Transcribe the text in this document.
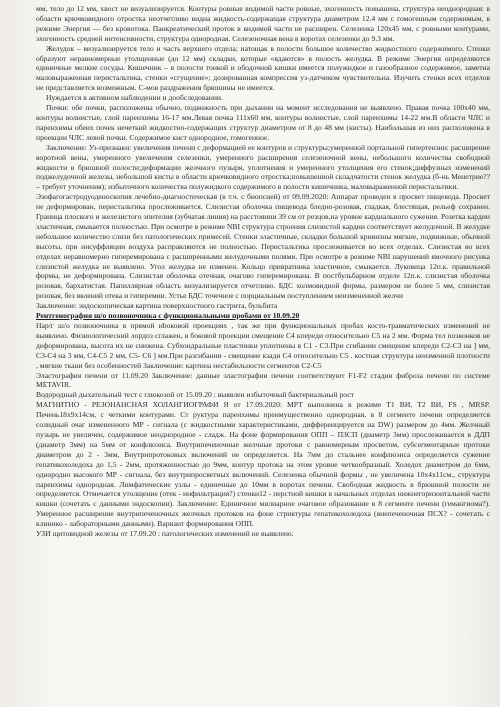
мм, тело до 12 мм, хвост не визуализируется. Контуры ровные видимой части ровные, эхогенность повышена, структура неоднородная: в области крючковидного отростка неотчетливо видна жидкость-содержащая структура диаметром 12.4 мм с гомогенным содержимым, в режиме Энергия — без кровотока. Панкреатический проток в видимой части не расширен. Селезенка 120х45 мм, с ровными контурами, эхогенность средней интенсивности, структура однородная. Селезеночная вена в воротах селезенки до 9.3 мм.

Желудок – визуализируется тело и часть верхнего отдела; натощак в полости большое количество жидкостного содержимого. Стенки образуют неравномерные утолщенные (до 12 мм) складки, которые «вдаются» в полость желудка. В режиме Энергия определяются единичные мелкие сосуды. Кишечник – в полости тонкой и ободочной кишки имеется полужидкое и газообразное содержимое, заметна маловыраженная перистальтика, стенки «сгущение»; дозированная компрессия уз-датчиком чувствительна. Изучить стенки всех отделов не представляется возможным. С-мов раздражения брюшины не имеется.

Нуждается в активном наблюдении и дообследовании.

Почки: обе почки, расположены обычно, подвижность при дыхании на момент исследования не выявлено. Правая почка 100х40 мм, контуры волнистые, слой паренхимы 16-17 мм.Левая почка 111х60 мм, контуры волнистые, слой паренхимы 14-22 мм.В области ЧЛС и паренхимы обеих почек нечеткий жидкостно-содержащих структур диаметром от 8 до 48 мм (кисты). Наибольшая из них расположена в проекции ЧЛС левой почки. Содержимое кист однородное, гомогенное.

Заключение: Уз-признаки: увеличения печени с деформацией ее контуров и структуры;умеренной портальной гипертензии: расширение воротной вены, умеренного увеличения селезенки, умеренного расширения селезеночной вены, небольшого количества свободной жидкости в брюшной полости;деформации желчного пузыря, уплотнения и умеренного утолщения его стенок;диффузных изменений поджелудочной железы, небольшой кисты в области крючковидного отростка;повышенной складчатости стенок желудка (б-нь Менетрие?? – требует уточнения); избыточного количества полужидкого содержимого в полости кишечника, маловыраженной перистальтики.

Эзофагогастродуоденоскопия лечебно-диагностическая (в т.ч. с биопсией) от 09.09.2020: Аппарат проведен в просвет пищевода. Просвет не деформирован, перистальтика прослеживается. Слизистая оболочка пищевода бледно-розовая, гладкая, блестящая, рельеф сохранен. Граница плоского и железистого эпителия (зубчатая линия) на расстоянии 39 см от резцов,на уровне кардиального сужения. Розетка кардии эластичная, смыкается полностью. При осмотре в режиме NBI структура строения слизистой кардии соответствует желудочной. В желудке небольшое количество слизи без патологических примесей. Стенки эластичные, складки большой кривизны мягкие, подвижные, обычной высоты, при инсуффляции воздуха расправляются не полностью. Перистальтика прослеживается во всех отделах. Слизистая во всех отделах неравномерно гиперемирована с расширенными желудочными полями. При осмотре в режиме NBI нарушений ямочного рисунка слизистой желудка не выявлено. Угол желудка не изменен. Кольцо привратника эластичное, смыкается. Луковица 12п.к. правильной формы, не деформирована. Слизистая оболочка отечная, очагово гиперемирована. В постбульбарном отделе 12п.к. слизистая оболочка розовая, бархатистая. Папиллярная область визуализируется отчетливо. БДС холмовидной формы, размером не более 5 мм, слизистая розовая, без явлений отека и гиперемии. Устье БДС точечное с порциальным поступлением неизмененной желчи

Заключение: эндоскопическая картина поверхностного гастрита, бульбита

Рентгенография ш/о позвоночника с функциональными пробами от 10.09.20

Нар/г ш/о позвоночника в прямой иboковой проекциях , так же при функциональных пробах косто-травматических изменений не выявлено. Физиологический лордоз сглажен, в боковой проекции смещение С4 кпереди относительно С5 на 2 мм. Форма тел позвонков не деформирована, высота их не снижена. Субхондральные пластинки уплотнены в С1 - С3.При сгибании смещение кпереди С2-С3 на ] мм, С3-С4 на 3 мм, С4-С5 2 мм, С5- С6 ] мм.При разгибании - смещение кзади С4 относительно С5 . костная структура неизменной плотности , мягкие ткани без особенностей Заключение: картина нестабильности сегментов С2-С5

Эластография печени от 11.09.20 Заключение: данные эластографии печени соответствуют F1-F2 стадии фиброза печени по системе METAVIR.

Водородный дыхательный тест с глюкозой от 15.09.20 : выявлен избыточный бактериальный рост

МАГНИТНО - РЕЗОНАНСНАЯ ХОЛАНГИОГРАФИ Я от 17.09.2020: МРТ выполнена в режиме T1 ВИ, T2 ВИ, FS , MRSP. Печень18х9х14см, с четкими контурами. Ст руктура паренхимы преимущественно однородная, в 8 сегменте печени определяется солидный очаг измененного МР - сигнала (с жидкостными характеристиками, дифференцируется на DW) размером до 4мм. Желчный пузырь не увеличен, содержимое неоднородное - сладж. На фоне формирования ОПП – ПЗСП (диаметр 3мм) прослеживается в ДДП (диаметр 3мм) на 5мм от конфлюэнса. Внутрипеченочные желчные протоки с равномерным просветом, субсегментарные протоки диаметром до 2 - 3мм, Внутрипротоковых включений не определяется. На 7мм до стальнее конфлюэнса определяется сужение гепатикохоледоха до 1,5 - 2мм, протяженностью до 9мм, контур протока на этом уровне четкообразный. Холедох диаметром до 6мм, однородно высокого МР - сигнала, без внутрипросветных включений. Селезенка обычной формы , не увеличена 10х4х11см., структура паренхимы однородная. Лимфатические узлы - единичные до 10мм в воротах печени. Свободная жидкость в брюшной полости не определяется. Отмечается утолщение (отек - инфильтрация?) стенки12 - перстной кишки в начальных отделах нижнегоризонтальной части кишки (сочетать с данными эндоскопии). Заключение: Единичное милиарное очаговое образование в 8 сегменте печени (гемангиома?). Умеренное расширение внутрипеченочных желчных протоков на фоне стриктуры гепатикохоледоха (внепеченочная ПСХ? - сочетать с клинико - лабораторными данными). Вариант формирования ОПП.

УЗИ щитовидной железы от 17.09.20 : патологических изменений не выявлено.
